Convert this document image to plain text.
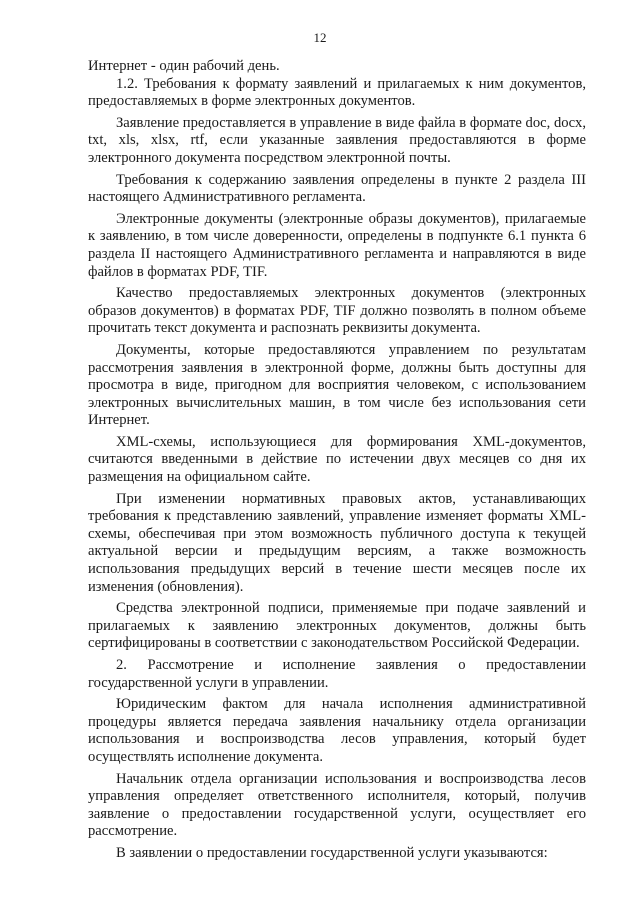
12

Интернет - один рабочий день.

1.2. Требования к формату заявлений и прилагаемых к ним документов, предоставляемых в форме электронных документов.

Заявление предоставляется в управление в виде файла в формате doc, docx, txt, xls, xlsx, rtf, если указанные заявления предоставляются в форме электронного документа посредством электронной почты.

Требования к содержанию заявления определены в пункте 2 раздела III настоящего Административного регламента.

Электронные документы (электронные образы документов), прилагаемые к заявлению, в том числе доверенности, определены в подпункте 6.1 пункта 6 раздела II настоящего Административного регламента и направляются в виде файлов в форматах PDF, TIF.

Качество предоставляемых электронных документов (электронных образов документов) в форматах PDF, TIF должно позволять в полном объеме прочитать текст документа и распознать реквизиты документа.

Документы, которые предоставляются управлением по результатам рассмотрения заявления в электронной форме, должны быть доступны для просмотра в виде, пригодном для восприятия человеком, с использованием электронных вычислительных машин, в том числе без использования сети Интернет.

XML-схемы, использующиеся для формирования XML-документов, считаются введенными в действие по истечении двух месяцев со дня их размещения на официальном сайте.

При изменении нормативных правовых актов, устанавливающих требования к представлению заявлений, управление изменяет форматы XML-схемы, обеспечивая при этом возможность публичного доступа к текущей актуальной версии и предыдущим версиям, а также возможность использования предыдущих версий в течение шести месяцев после их изменения (обновления).

Средства электронной подписи, применяемые при подаче заявлений и прилагаемых к заявлению электронных документов, должны быть сертифицированы в соответствии с законодательством Российской Федерации.

2. Рассмотрение и исполнение заявления о предоставлении государственной услуги в управлении.

Юридическим фактом для начала исполнения административной процедуры является передача заявления начальнику отдела организации использования и воспроизводства лесов управления, который будет осуществлять исполнение документа.

Начальник отдела организации использования и воспроизводства лесов управления определяет ответственного исполнителя, который, получив заявление о предоставлении государственной услуги, осуществляет его рассмотрение.

В заявлении о предоставлении государственной услуги указываются:
